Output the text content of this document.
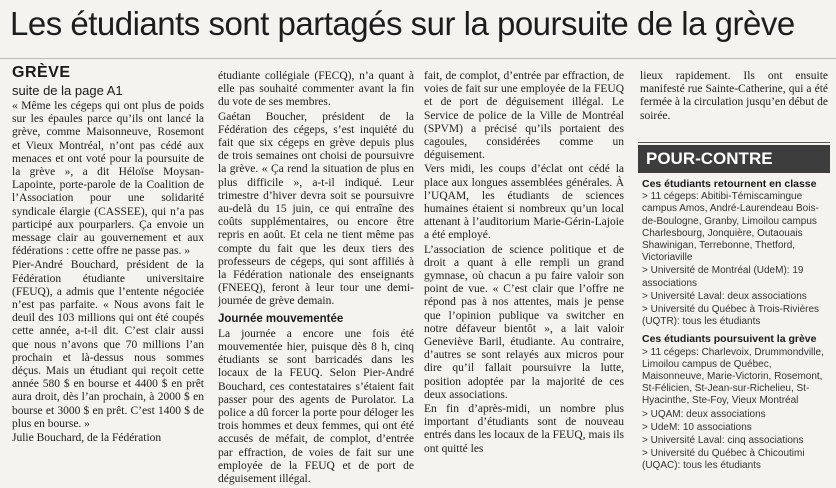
Les étudiants sont partagés sur la poursuite de la grève
GRÈVE
suite de la page A1

« Même les cégeps qui ont plus de poids sur les épaules parce qu’ils ont lancé la grève, comme Maisonneuve, Rosemont et Vieux Montréal, n’ont pas cédé aux menaces et ont voté pour la poursuite de la grève », a dit Héloïse Moysan-Lapointe, porte-parole de la Coalition de l’Association pour une solidarité syndicale élargie (CASSEE), qui n’a pas participé aux pourparlers. Ça envoie un message clair au gouvernement et aux fédérations : cette offre ne passe pas. »

Pier-André Bouchard, président de la Fédération étudiante universitaire (FEUQ), a admis que l’entente négociée n’est pas parfaite. « Nous avons fait le deuil des 103 millions qui ont été coupés cette année, a-t-il dit. C’est clair aussi que nous n’avons que 70 millions l’an prochain et là-dessus nous sommes déçus. Mais un étudiant qui reçoit cette année 580 $ en bourse et 4400 $ en prêt aura droit, dès l’an prochain, à 2000 $ en bourse et 3000 $ en prêt. C’est 1400 $ de plus en bourse. »

Julie Bouchard, de la Fédération

étudiante collégiale (FECQ), n’a quant à elle pas souhaité commenter avant la fin du vote de ses membres.

Gaétan Boucher, président de la Fédération des cégeps, s’est inquiété du fait que six cégeps en grève depuis plus de trois semaines ont choisi de poursuivre la grève. « Ça rend la situation de plus en plus difficile », a-t-il indiqué. Leur trimestre d’hiver devra soit se poursuivre au-delà du 15 juin, ce qui entraîne des coûts supplémentaires, ou encore être repris en août. Et cela ne tient même pas compte du fait que les deux tiers des professeurs de cégeps, qui sont affiliés à la Fédération nationale des enseignants (FNEEQ), feront à leur tour une demi-journée de grève demain.

Journée mouvementée

La journée a encore une fois été mouvementée hier, puisque dès 8 h, cinq étudiants se sont barricadés dans les locaux de la FEUQ. Selon Pier-André Bouchard, ces contestataires s’étaient fait passer pour des agents de Purolator. La police a dû forcer la porte pour déloger les trois hommes et deux femmes, qui ont été accusés de méfait, de complot, d’entrée par effraction, de voies de fait sur une employée de la FEUQ et de port de déguisement illégal.

fait, de complot, d’entrée par effraction, de voies de fait sur une employée de la FEUQ et de port de déguisement illégal. Le Service de police de la Ville de Montréal (SPVM) a précisé qu’ils portaient des cagoules, considérées comme un déguisement.

Vers midi, les coups d’éclat ont cédé la place aux longues assemblées générales. À l’UQAM, les étudiants de sciences humaines étaient si nombreux qu’un local attenant à l’auditorium Marie-Gérin-Lajoie a été employé.

L’association de science politique et de droit a quant à elle rempli un grand gymnase, où chacun a pu faire valoir son point de vue. « C’est clair que l’offre ne répond pas à nos attentes, mais je pense que l’opinion publique va switcher en notre défaveur bientôt », a lait valoir Geneviève Baril, étudiante. Au contraire, d’autres se sont relayés aux micros pour dire qu’il fallait poursuivre la lutte, position adoptée par la majorité de ces deux associations.

En fin d’après-midi, un nombre plus important d’étudiants sont de nouveau entrés dans les locaux de la FEUQ, mais ils ont quitté les

lieux rapidement. Ils ont ensuite manifesté rue Sainte-Catherine, qui a été fermée à la circulation jusqu’en début de soirée.

POUR-CONTRE
Ces étudiants retournent en classe
> 11 cégeps: Abitibi-Témiscamingue campus Amos, André-Laurendeau Bois-de-Boulogne, Granby, Limoilou campus Charlesbourg, Jonquière, Outaouais Shawinigan, Terrebonne, Thetford, Victoriaville
> Université de Montréal (UdeM): 19 associations
> Université Laval: deux associations
> Université du Québec à Trois-Rivières (UQTR): tous les étudiants
Ces étudiants poursuivent la grève
> 11 cégeps: Charlevoix, Drummondville, Limoilou campus de Québec, Maisonneuve, Marie-Victorin, Rosemont, St-Félicien, St-Jean-sur-Richelieu, St-Hyacinthe, Ste-Foy, Vieux Montréal
> UQAM: deux associations
> UdeM: 10 associations
> Université Laval: cinq associations
> Université du Québec à Chicoutimi (UQAC): tous les étudiants
